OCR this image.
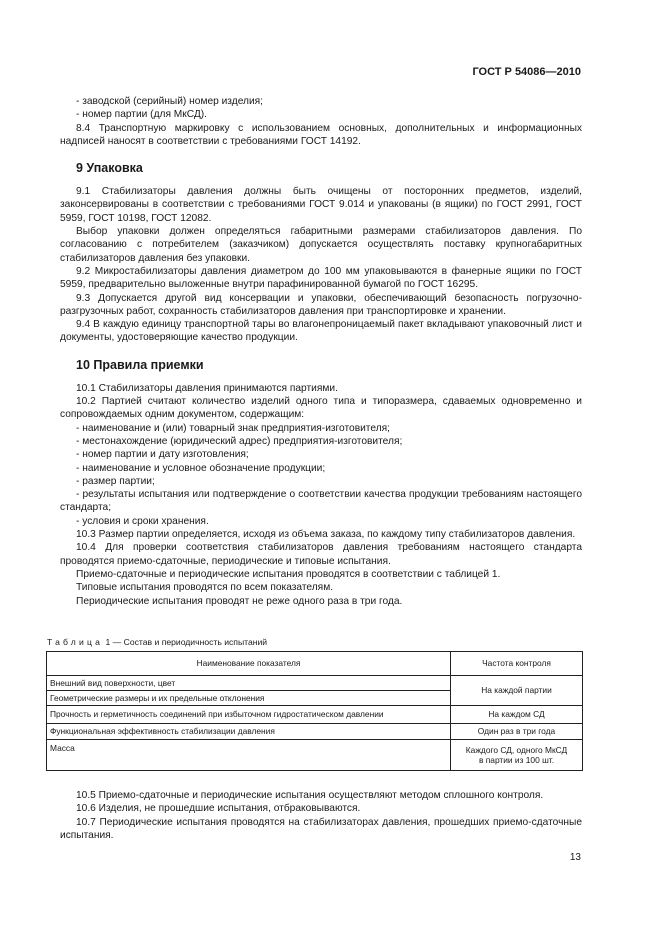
ГОСТ Р 54086—2010

- заводской (серийный) номер изделия;

- номер партии (для МкСД).

8.4 Транспортную маркировку с использованием основных, дополнительных и информационных надписей наносят в соответствии с требованиями ГОСТ 14192.

9 Упаковка

9.1 Стабилизаторы давления должны быть очищены от посторонних предметов, изделий, законсервированы в соответствии с требованиями ГОСТ 9.014 и упакованы (в ящики) по ГОСТ 2991, ГОСТ 5959, ГОСТ 10198, ГОСТ 12082.

Выбор упаковки должен определяться габаритными размерами стабилизаторов давления. По согласованию с потребителем (заказчиком) допускается осуществлять поставку крупногабаритных стабилизаторов давления без упаковки.

9.2 Микростабилизаторы давления диаметром до 100 мм упаковываются в фанерные ящики по ГОСТ 5959, предварительно выложенные внутри парафинированной бумагой по ГОСТ 16295.

9.3 Допускается другой вид консервации и упаковки, обеспечивающий безопасность погрузочно-разгрузочных работ, сохранность стабилизаторов давления при транспортировке и хранении.

9.4 В каждую единицу транспортной тары во влагонепроницаемый пакет вкладывают упаковочный лист и документы, удостоверяющие качество продукции.

10 Правила приемки

10.1 Стабилизаторы давления принимаются партиями.

10.2 Партией считают количество изделий одного типа и типоразмера, сдаваемых одновременно и сопровождаемых одним документом, содержащим:

- наименование и (или) товарный знак предприятия-изготовителя;

- местонахождение (юридический адрес) предприятия-изготовителя;

- номер партии и дату изготовления;

- наименование и условное обозначение продукции;

- размер партии;

- результаты испытания или подтверждение о соответствии качества продукции требованиям настоящего стандарта;

- условия и сроки хранения.

10.3 Размер партии определяется, исходя из объема заказа, по каждому типу стабилизаторов давления.

10.4 Для проверки соответствия стабилизаторов давления требованиям настоящего стандарта проводятся приемо-сдаточные, периодические и типовые испытания.

Приемо-сдаточные и периодические испытания проводятся в соответствии с таблицей 1.

Типовые испытания проводятся по всем показателям.

Периодические испытания проводят не реже одного раза в три года.

Таблица 1 — Состав и периодичность испытаний
Наименование показателя	Частота контроля
Внешний вид поверхности, цвет	На каждой партии
Геометрические размеры и их предельные отклонения	
Прочность и герметичность соединений при избыточном гидростатическом давлении	На каждом СД
Функциональная эффективность стабилизации давления	Один раз в три года
Масса	Каждого СД, одного МкСД
в партии из 100 шт.

10.5 Приемо-сдаточные и периодические испытания осуществляют методом сплошного контроля.

10.6 Изделия, не прошедшие испытания, отбраковываются.

10.7 Периодические испытания проводятся на стабилизаторах давления, прошедших приемо-сдаточные испытания.

13
